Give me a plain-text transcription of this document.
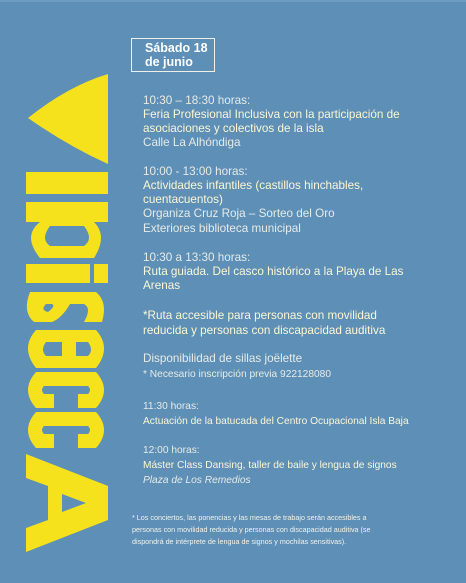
Sábado 18
de junio
10:30 – 18:30 horas:
Feria Profesional Inclusiva con la participación de
asociaciones y colectivos de la isla
Calle La Alhóndiga
10:00 - 13:00 horas:
Actividades infantiles (castillos hinchables,
cuentacuentos)
Organiza Cruz Roja – Sorteo del Oro
Exteriores biblioteca municipal
10:30 a 13:30 horas:
Ruta guiada. Del casco histórico a la Playa de Las
Arenas
*Ruta accesible para personas con movilidad
reducida y personas con discapacidad auditiva
Disponibilidad de sillas joëlette
* Necesario inscripción previa 922128080
11:30 horas:
Actuación de la batucada del Centro Ocupacional Isla Baja
12:00 horas:
Máster Class Dansing, taller de baile y lengua de signos
Plaza de Los Remedios
* Los conciertos, las ponencias y las mesas de trabajo serán accesibles a
personas con movilidad reducida y personas con discapacidad auditiva (se
dispondrá de intérprete de lengua de signos y mochilas sensitivas).
